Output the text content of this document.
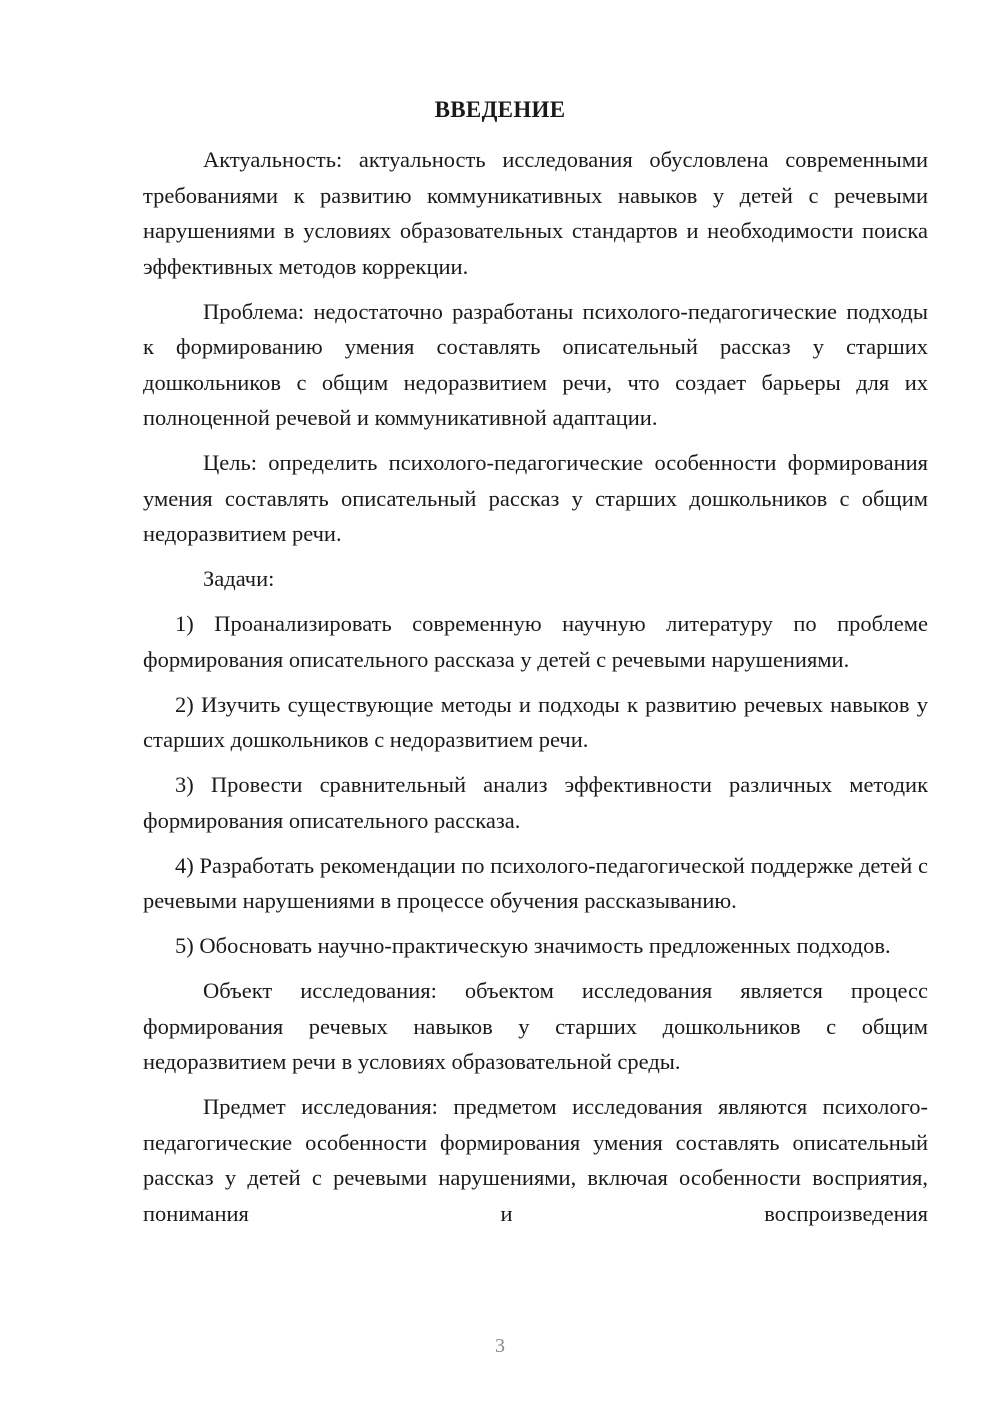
ВВЕДЕНИЕ

Актуальность: актуальность исследования обусловлена современными требованиями к развитию коммуникативных навыков у детей с речевыми нарушениями в условиях образовательных стандартов и необходимости поиска эффективных методов коррекции.

Проблема: недостаточно разработаны психолого-педагогические подходы к формированию умения составлять описательный рассказ у старших дошкольников с общим недоразвитием речи, что создает барьеры для их полноценной речевой и коммуникативной адаптации.

Цель: определить психолого-педагогические особенности формирования умения составлять описательный рассказ у старших дошкольников с общим недоразвитием речи.

Задачи:

1) Проанализировать современную научную литературу по проблеме формирования описательного рассказа у детей с речевыми нарушениями.

2) Изучить существующие методы и подходы к развитию речевых навыков у старших дошкольников с недоразвитием речи.

3) Провести сравнительный анализ эффективности различных методик формирования описательного рассказа.

4) Разработать рекомендации по психолого-педагогической поддержке детей с речевыми нарушениями в процессе обучения рассказыванию.

5) Обосновать научно-практическую значимость предложенных подходов.

Объект исследования: объектом исследования является процесс формирования речевых навыков у старших дошкольников с общим недоразвитием речи в условиях образовательной среды.

Предмет исследования: предметом исследования являются психолого-педагогические особенности формирования умения составлять описательный рассказ у детей с речевыми нарушениями, включая особенности восприятия, понимания и воспроизведения

3
